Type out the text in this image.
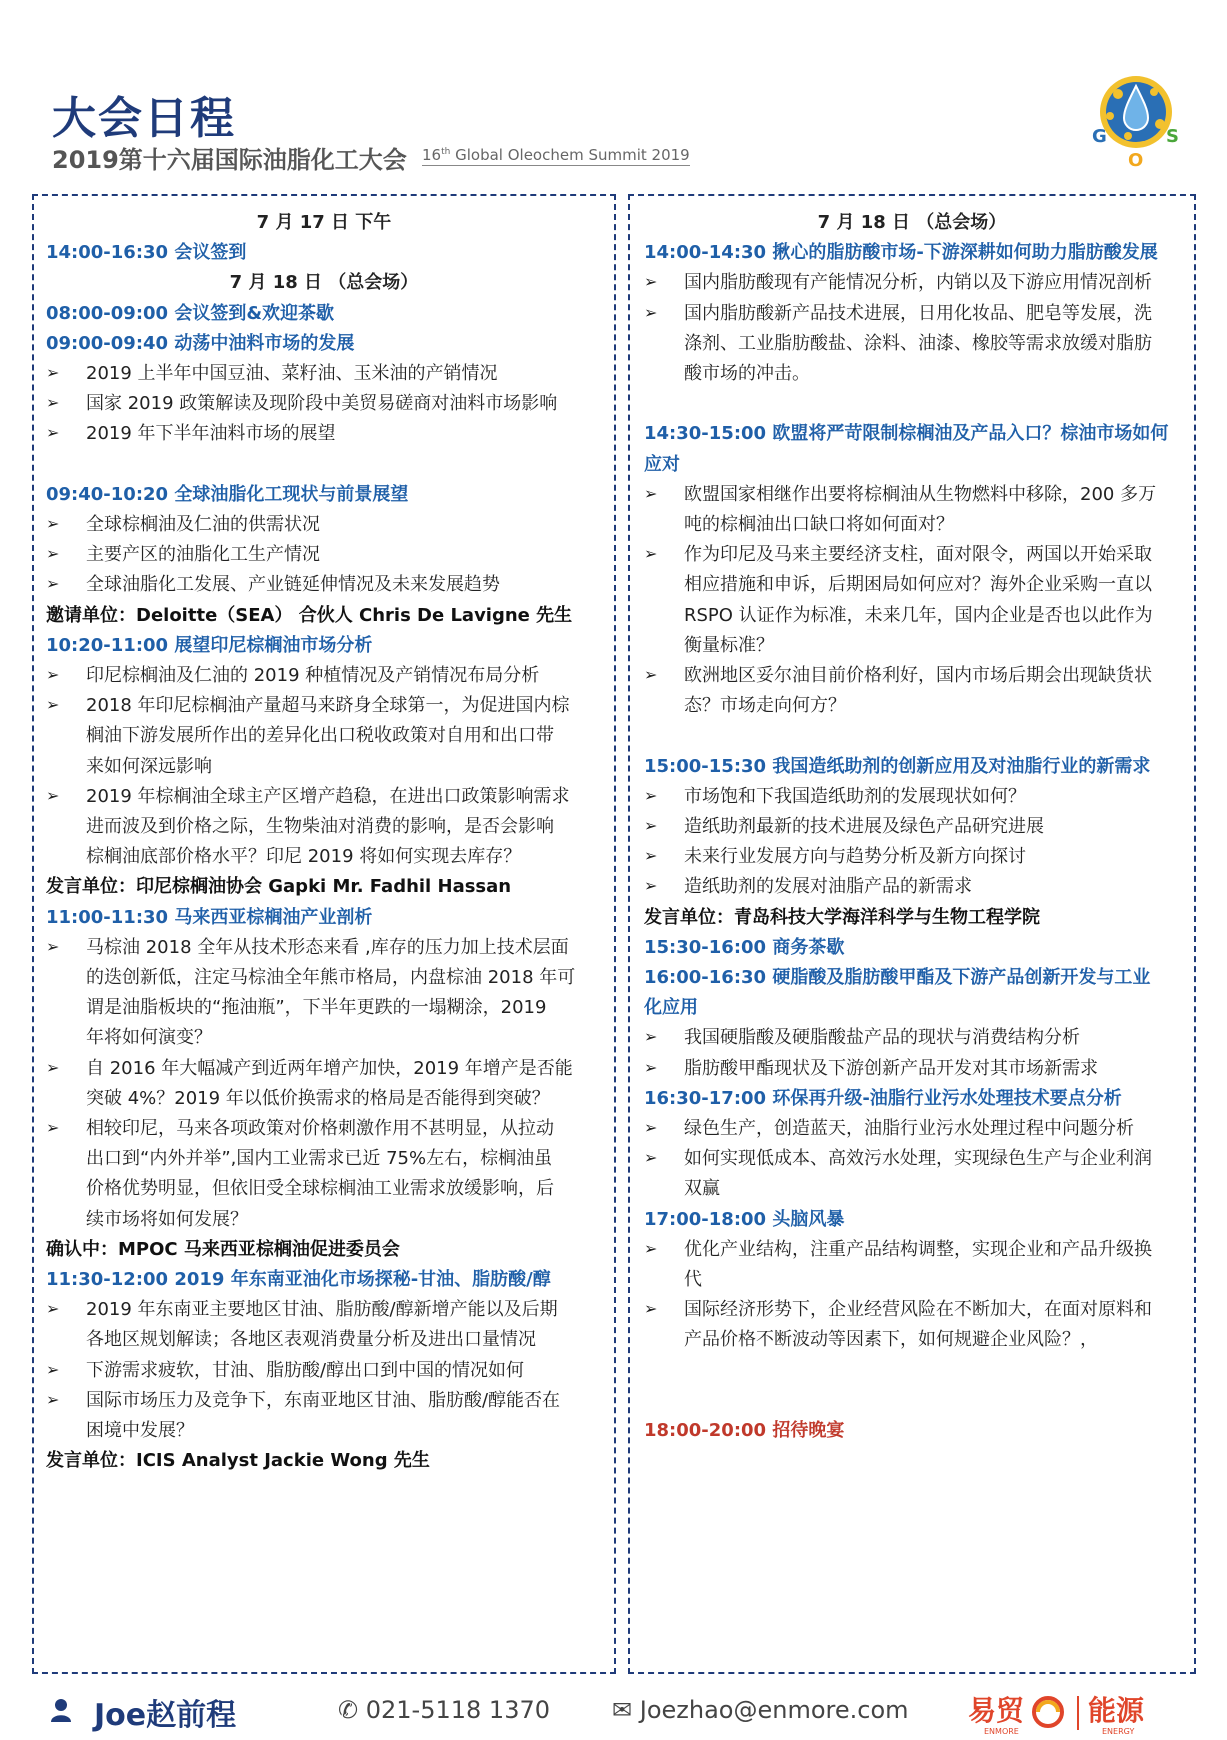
大会日程
2019第十六届国际油脂化工大会 16th Global Oleochem Summit 2019
G
O
S
7 月 17 日 下午
14:00-16:30 会议签到
7 月 18 日 （总会场）
08:00-09:00 会议签到&欢迎茶歇
09:00-09:40 动荡中油料市场的发展
➢ 2019 上半年中国豆油、菜籽油、玉米油的产销情况
➢ 国家 2019 政策解读及现阶段中美贸易磋商对油料市场影响
➢ 2019 年下半年油料市场的展望
09:40-10:20 全球油脂化工现状与前景展望
➢ 全球棕榈油及仁油的供需状况
➢ 主要产区的油脂化工生产情况
➢ 全球油脂化工发展、产业链延伸情况及未来发展趋势
邀请单位：Deloitte（SEA） 合伙人 Chris De Lavigne 先生
10:20-11:00 展望印尼棕榈油市场分析
➢ 印尼棕榈油及仁油的 2019 种植情况及产销情况布局分析
➢ 2018 年印尼棕榈油产量超马来跻身全球第一，为促进国内棕
榈油下游发展所作出的差异化出口税收政策对自用和出口带
来如何深远影响
➢ 2019 年棕榈油全球主产区增产趋稳，在进出口政策影响需求
进而波及到价格之际，生物柴油对消费的影响，是否会影响
棕榈油底部价格水平？印尼 2019 将如何实现去库存？
发言单位：印尼棕榈油协会 Gapki Mr. Fadhil Hassan
11:00-11:30 马来西亚棕榈油产业剖析
➢ 马棕油 2018 全年从技术形态来看 ,库存的压力加上技术层面
的迭创新低，注定马棕油全年熊市格局，内盘棕油 2018 年可
谓是油脂板块的“拖油瓶”，下半年更跌的一塌糊涂，2019
年将如何演变？
➢ 自 2016 年大幅减产到近两年增产加快，2019 年增产是否能
突破 4%？2019 年以低价换需求的格局是否能得到突破？
➢ 相较印尼，马来各项政策对价格刺激作用不甚明显，从拉动
出口到“内外并举”,国内工业需求已近 75%左右，棕榈油虽
价格优势明显，但依旧受全球棕榈油工业需求放缓影响，后
续市场将如何发展？
确认中：MPOC 马来西亚棕榈油促进委员会
11:30-12:00 2019 年东南亚油化市场探秘-甘油、脂肪酸/醇
➢ 2019 年东南亚主要地区甘油、脂肪酸/醇新增产能以及后期
各地区规划解读；各地区表观消费量分析及进出口量情况
➢ 下游需求疲软，甘油、脂肪酸/醇出口到中国的情况如何
➢ 国际市场压力及竞争下，东南亚地区甘油、脂肪酸/醇能否在
困境中发展？
发言单位：ICIS Analyst Jackie Wong 先生
7 月 18 日 （总会场）
14:00-14:30 揪心的脂肪酸市场-下游深耕如何助力脂肪酸发展
➢ 国内脂肪酸现有产能情况分析，内销以及下游应用情况剖析
➢ 国内脂肪酸新产品技术进展，日用化妆品、肥皂等发展，洗
涤剂、工业脂肪酸盐、涂料、油漆、橡胶等需求放缓对脂肪
酸市场的冲击。
14:30-15:00 欧盟将严苛限制棕榈油及产品入口？棕油市场如何
应对
➢ 欧盟国家相继作出要将棕榈油从生物燃料中移除，200 多万
吨的棕榈油出口缺口将如何面对？
➢ 作为印尼及马来主要经济支柱，面对限令，两国以开始采取
相应措施和申诉，后期困局如何应对？海外企业采购一直以
RSPO 认证作为标准，未来几年，国内企业是否也以此作为
衡量标准？
➢ 欧洲地区妥尔油目前价格利好，国内市场后期会出现缺货状
态？市场走向何方？
15:00-15:30 我国造纸助剂的创新应用及对油脂行业的新需求
➢ 市场饱和下我国造纸助剂的发展现状如何？
➢ 造纸助剂最新的技术进展及绿色产品研究进展
➢ 未来行业发展方向与趋势分析及新方向探讨
➢ 造纸助剂的发展对油脂产品的新需求
发言单位：青岛科技大学海洋科学与生物工程学院
15:30-16:00 商务茶歇
16:00-16:30 硬脂酸及脂肪酸甲酯及下游产品创新开发与工业
化应用
➢ 我国硬脂酸及硬脂酸盐产品的现状与消费结构分析
➢ 脂肪酸甲酯现状及下游创新产品开发对其市场新需求
16:30-17:00 环保再升级-油脂行业污水处理技术要点分析
➢ 绿色生产，创造蓝天，油脂行业污水处理过程中问题分析
➢ 如何实现低成本、高效污水处理，实现绿色生产与企业利润
双赢
17:00-18:00 头脑风暴
➢ 优化产业结构，注重产品结构调整，实现企业和产品升级换
代
➢ 国际经济形势下，企业经营风险在不断加大，在面对原料和
产品价格不断波动等因素下，如何规避企业风险？，
18:00-20:00 招待晚宴
Joe赵前程	✆ 021-5118 1370	✉ Joezhao@enmore.com 易贸
ENMORE
能源
ENERGY
